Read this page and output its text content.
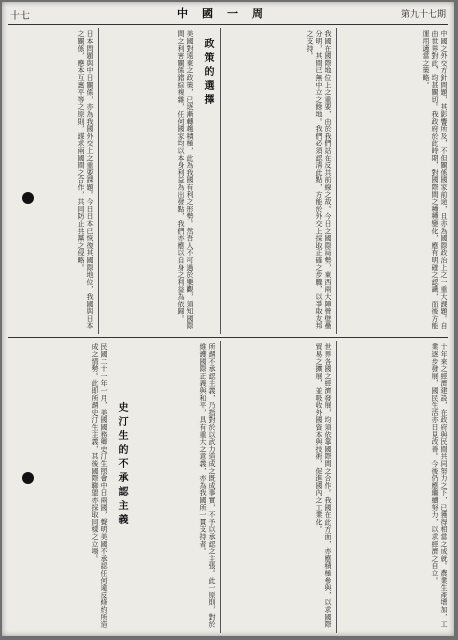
十七	中國一周	第九十七期
中國之外交方針問題，其影響所及，不但關係國家前途，且亦為國際政治上之一重大課題。自由世界對此，均甚關切。我政府於此時期，對國際間之種種變化，應有明確之認識，而後方能運用適當之策略。
我國在國際地位上之重要，由於我們站在反共前線之故。今日之國際局勢，東西兩大陣營壁壘分明，其間已無中立之餘地。我們必須認清此點，方能於外交上採取正確之步驟，以爭取友邦之支持。
政策的選擇
美國對遠東之政策，已逐漸轉趨積極，此為我國有利之形勢。然吾人不可過於樂觀，須知國際間之利害關係錯綜複雜，任何國家均以本身利益為出發點，我們亦應以自身之利益為依歸。
日本問題與中日關係，亦為我國外交上之重要課題。今日日本已恢復其國際地位，我國與日本之關係，應本互惠平等之原則，謀求兩國間之合作，共同防止共黨之侵略。
十年來之經濟建設，在政府與民間共同努力之下，已獲得相當之成就。農業生產增加，工業逐步發展，國民生活亦日見改善。今後仍應繼續努力，以求經濟之自立。
世界各國之經濟發展，均須依靠國際間之合作。我國在此方面，亦應積極參與，以求國際貿易之擴展，並吸收外國資本與技術，促進國內之工業化。
所謂不承認主義，乃指對於以武力造成之既成事實，不予以承認之主張。此一原則，對於維護國際正義與和平，具有重大之意義，亦為我國所一貫支持者。
史汀生的不承認主義
民國二十一年一月，美國國務卿史汀生照會中日兩國，聲明美國不承認任何違反條約所造成之情勢。此即所謂史汀生主義，其後國際聯盟亦採取同樣之立場。
